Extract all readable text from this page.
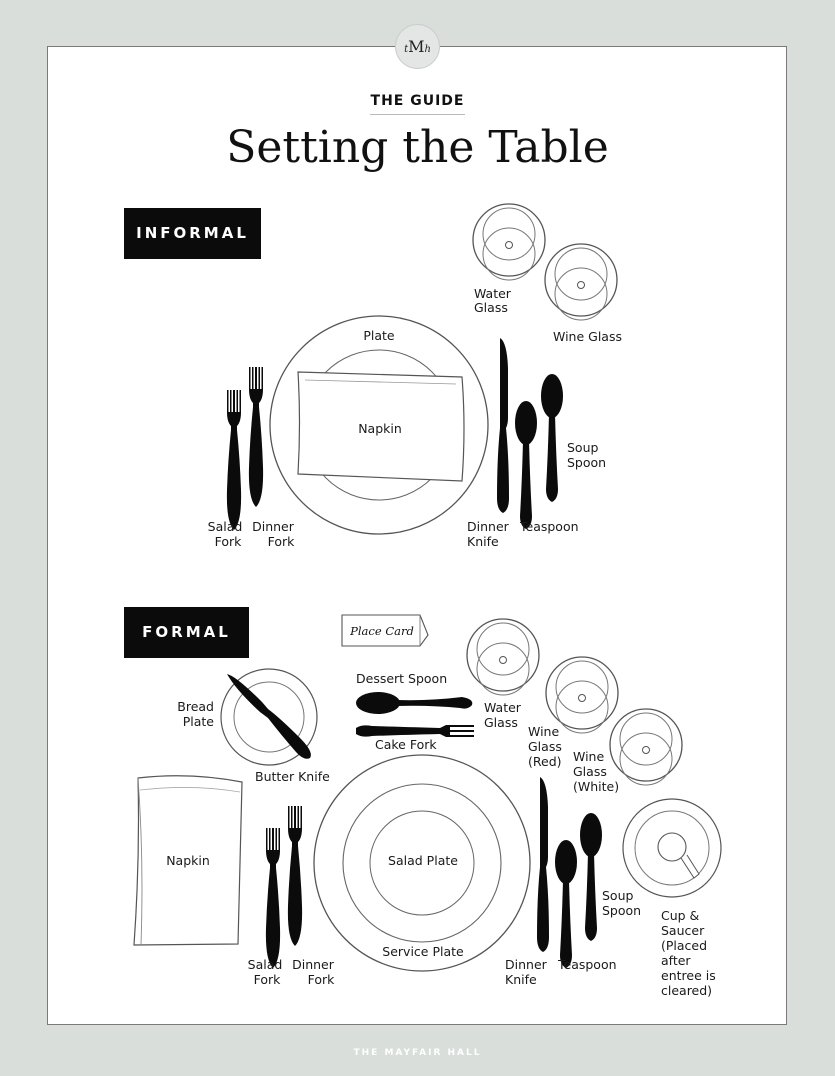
tMh
THE GUIDE
Setting the Table
INFORMAL
FORMAL
Water Glass
Wine Glass
Plate
Napkin
Soup Spoon
Salad Fork
Dinner Fork
Dinner Knife
Teaspoon
Place Card
Dessert Spoon
Cake Fork
Bread Plate
Butter Knife
Water Glass
Wine Glass (Red) Wine Glass (White)
Napkin	Salad Plate
Service Plate
Salad Fork
Dinner Fork
Dinner Knife
Teaspoon
Soup Spoon Cup & Saucer (Placed after entree is cleared)
THE MAYFAIR HALL
